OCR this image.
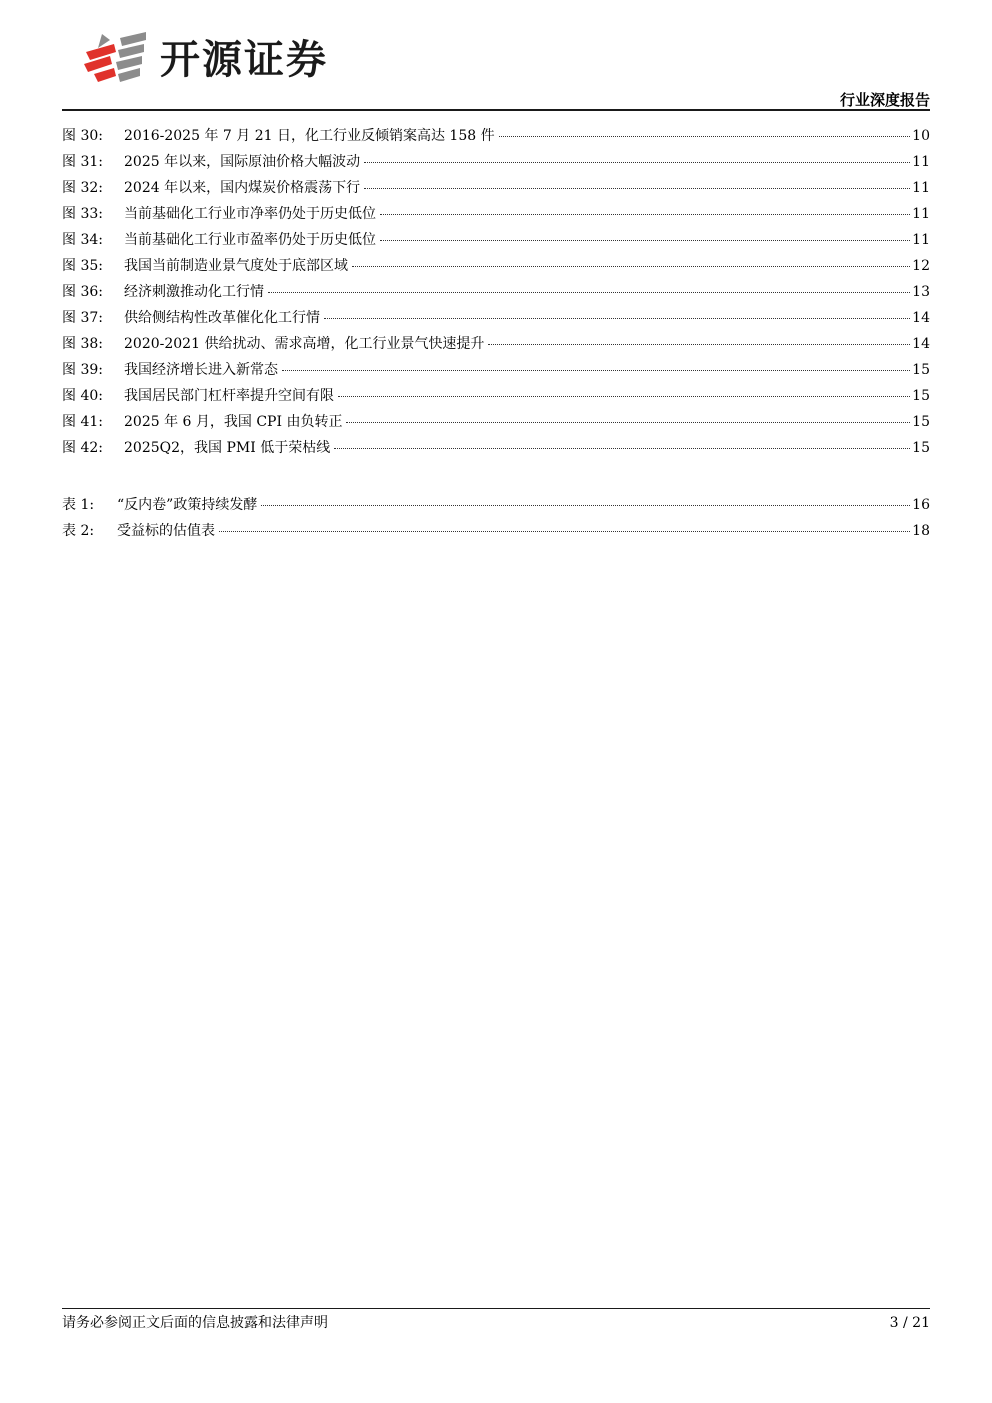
开源证券
行业深度报告
图 30:	2016-2025 年 7 月 21 日，化工行业反倾销案高达 158 件	10
图 31:	2025 年以来，国际原油价格大幅波动	11
图 32:	2024 年以来，国内煤炭价格震荡下行	11
图 33:	当前基础化工行业市净率仍处于历史低位	11
图 34:	当前基础化工行业市盈率仍处于历史低位	11
图 35:	我国当前制造业景气度处于底部区域	12
图 36:	经济刺激推动化工行情	13
图 37:	供给侧结构性改革催化化工行情	14
图 38:	2020-2021 供给扰动、需求高增，化工行业景气快速提升	14
图 39:	我国经济增长进入新常态	15
图 40:	我国居民部门杠杆率提升空间有限	15
图 41:	2025 年 6 月，我国 CPI 由负转正	15
图 42:	2025Q2，我国 PMI 低于荣枯线	15
表 1:	“反内卷”政策持续发酵	16
表 2:	受益标的估值表	18
请务必参阅正文后面的信息披露和法律声明	3 / 21
